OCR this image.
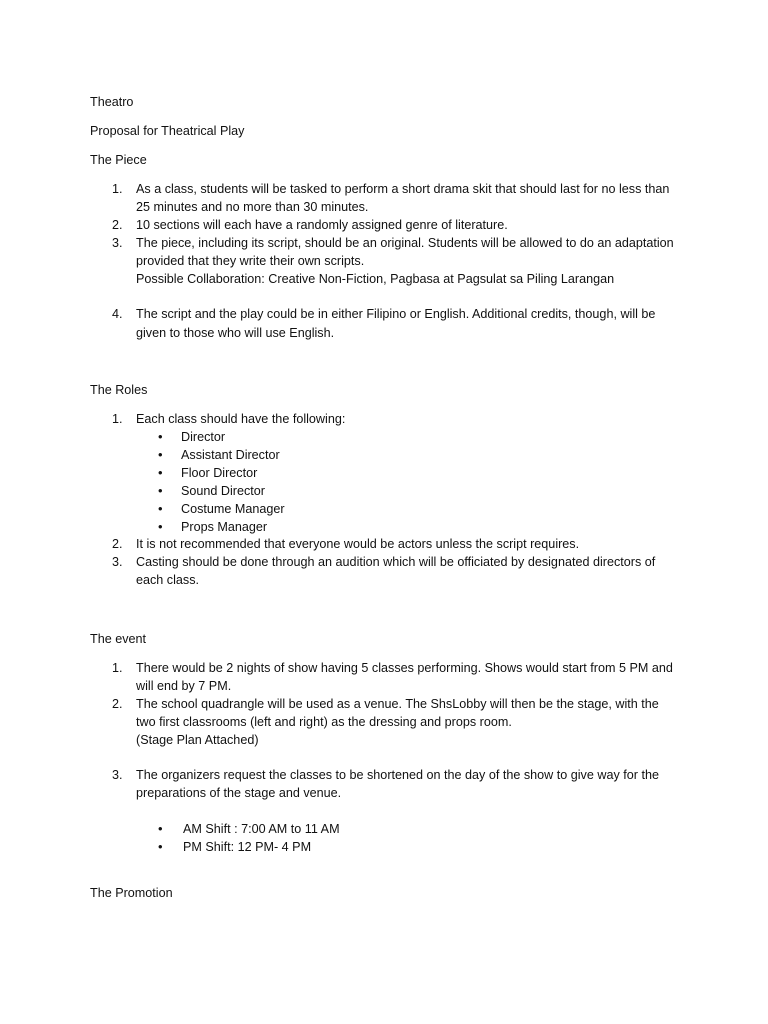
Theatro
Proposal for Theatrical Play
The Piece
1.	As a class, students will be tasked to perform a short drama skit that should last for no less than
25 minutes and no more than 30 minutes.
2.	10 sections will each have a randomly assigned genre of literature.
3.	The piece, including its script, should be an original. Students will be allowed to do an adaptation
provided that they write their own scripts.
Possible Collaboration: Creative Non-Fiction, Pagbasa at Pagsulat sa Piling Larangan
4.	The script and the play could be in either Filipino or English. Additional credits, though, will be
given to those who will use English.
The Roles
1.	Each class should have the following:
• Director
• Assistant Director
• Floor Director
• Sound Director
• Costume Manager
• Props Manager
2.	It is not recommended that everyone would be actors unless the script requires.
3.	Casting should be done through an audition which will be officiated by designated directors of
each class.
The event
1.	There would be 2 nights of show having 5 classes performing. Shows would start from 5 PM and
will end by 7 PM.
2.	The school quadrangle will be used as a venue. The ShsLobby will then be the stage, with the
two first classrooms (left and right) as the dressing and props room.
(Stage Plan Attached)
3.	The organizers request the classes to be shortened on the day of the show to give way for the
preparations of the stage and venue.
• AM Shift : 7:00 AM to 11 AM
• PM Shift: 12 PM- 4 PM
The Promotion
